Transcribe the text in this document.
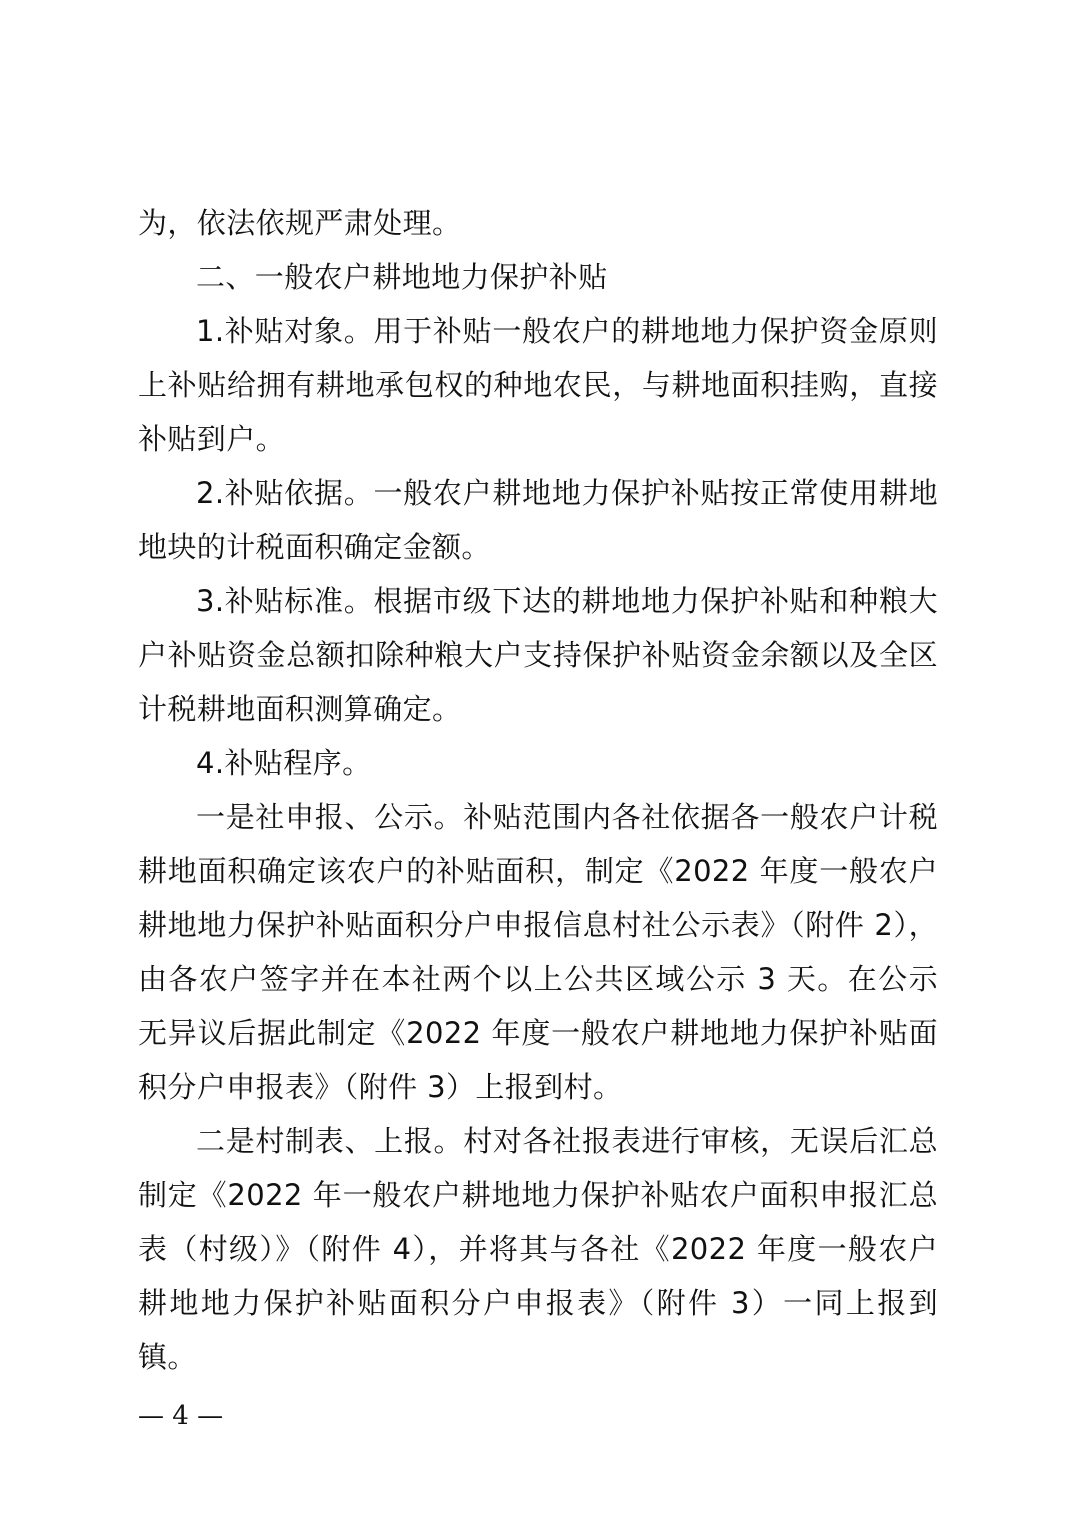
为，依法依规严肃处理。

二、一般农户耕地地力保护补贴

1.补贴对象。用于补贴一般农户的耕地地力保护资金原则上补贴给拥有耕地承包权的种地农民，与耕地面积挂购，直接补贴到户。

2.补贴依据。一般农户耕地地力保护补贴按正常使用耕地地块的计税面积确定金额。

3.补贴标准。根据市级下达的耕地地力保护补贴和种粮大户补贴资金总额扣除种粮大户支持保护补贴资金余额以及全区计税耕地面积测算确定。

4.补贴程序。

一是社申报、公示。补贴范围内各社依据各一般农户计税耕地面积确定该农户的补贴面积，制定《2022 年度一般农户耕地地力保护补贴面积分户申报信息村社公示表》（附件 2），由各农户签字并在本社两个以上公共区域公示 3 天。在公示无异议后据此制定《2022 年度一般农户耕地地力保护补贴面积分户申报表》（附件 3）上报到村。

二是村制表、上报。村对各社报表进行审核，无误后汇总制定《2022 年一般农户耕地地力保护补贴农户面积申报汇总表（村级）》（附件 4），并将其与各社《2022 年度一般农户耕地地力保护补贴面积分户申报表》（附件 3）一同上报到镇。

— 4 —
